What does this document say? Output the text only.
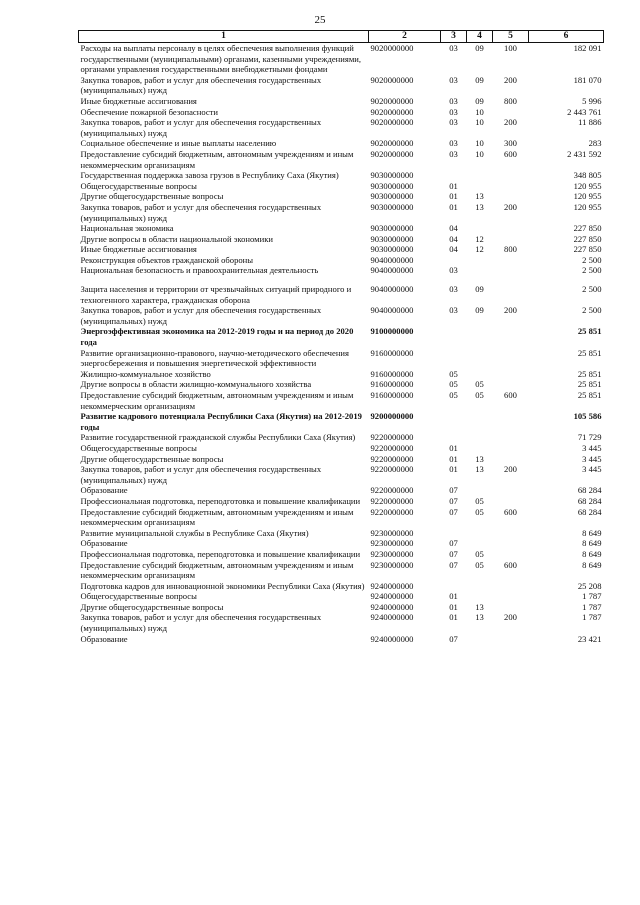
25
1	2	3	4	5	6
Расходы на выплаты персоналу в целях обеспечения выполнения функций государственными (муниципальными) органами, казенными учреждениями, органами управления государственными внебюджетными фондами	9020000000	03	09	100	182 091
Закупка товаров, работ и услуг для обеспечения государственных (муниципальных) нужд	9020000000	03	09	200	181 070
Иные бюджетные ассигнования	9020000000	03	09	800	5 996
Обеспечение пожарной безопасности	9020000000	03	10		2 443 761
Закупка товаров, работ и услуг для обеспечения государственных (муниципальных) нужд	9020000000	03	10	200	11 886
Социальное обеспечение и иные выплаты населению	9020000000	03	10	300	283
Предоставление субсидий бюджетным, автономным учреждениям и иным некоммерческим организациям	9020000000	03	10	600	2 431 592
Государственная поддержка завоза грузов в Республику Саха (Якутия)	9030000000				348 805
Общегосударственные вопросы	9030000000	01			120 955
Другие общегосударственные вопросы	9030000000	01	13		120 955
Закупка товаров, работ и услуг для обеспечения государственных (муниципальных) нужд	9030000000	01	13	200	120 955
Национальная экономика	9030000000	04			227 850
Другие вопросы в области национальной экономики	9030000000	04	12		227 850
Иные бюджетные ассигнования	9030000000	04	12	800	227 850
Реконструкция объектов гражданской обороны	9040000000				2 500
Национальная безопасность и правоохранительная деятельность	9040000000	03			2 500

Защита населения и территории от чрезвычайных ситуаций природного и техногенного характера, гражданская оборона	9040000000	03	09		2 500
Закупка товаров, работ и услуг для обеспечения государственных (муниципальных) нужд	9040000000	03	09	200	2 500
Энергоэффективная экономика на 2012-2019 годы и на период до 2020 года	9100000000				25 851
Развитие организационно-правового, научно-методического обеспечения энергосбережения и повышения энергетической эффективности	9160000000				25 851
Жилищно-коммунальное хозяйство	9160000000	05			25 851
Другие вопросы в области жилищно-коммунального хозяйства	9160000000	05	05		25 851
Предоставление субсидий бюджетным, автономным учреждениям и иным некоммерческим организациям	9160000000	05	05	600	25 851
Развитие кадрового потенциала Республики Саха (Якутия) на 2012-2019 годы	9200000000				105 586
Развитие государственной гражданской службы Республики Саха (Якутия)	9220000000				71 729
Общегосударственные вопросы	9220000000	01			3 445
Другие общегосударственные вопросы	9220000000	01	13		3 445
Закупка товаров, работ и услуг для обеспечения государственных (муниципальных) нужд	9220000000	01	13	200	3 445
Образование	9220000000	07			68 284
Профессиональная подготовка, переподготовка и повышение квалификации	9220000000	07	05		68 284
Предоставление субсидий бюджетным, автономным учреждениям и иным некоммерческим организациям	9220000000	07	05	600	68 284
Развитие муниципальной службы в Республике Саха (Якутия)	9230000000				8 649
Образование	9230000000	07			8 649
Профессиональная подготовка, переподготовка и повышение квалификации	9230000000	07	05		8 649
Предоставление субсидий бюджетным, автономным учреждениям и иным некоммерческим организациям	9230000000	07	05	600	8 649
Подготовка кадров для инновационной экономики Республики Саха (Якутия)	9240000000				25 208
Общегосударственные вопросы	9240000000	01			1 787
Другие общегосударственные вопросы	9240000000	01	13		1 787
Закупка товаров, работ и услуг для обеспечения государственных (муниципальных) нужд	9240000000	01	13	200	1 787
Образование	9240000000	07			23 421
